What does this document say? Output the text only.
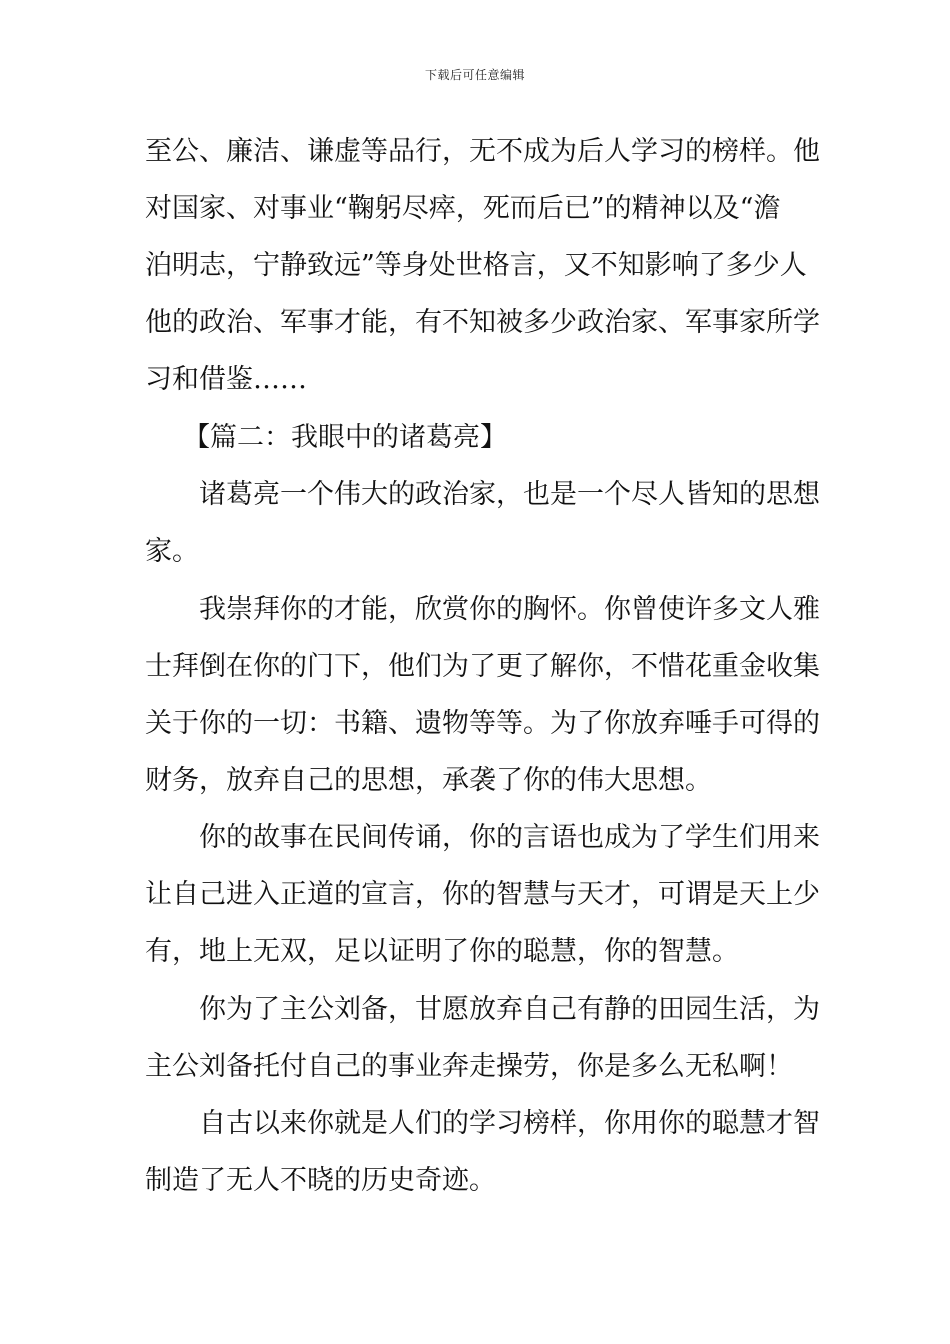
下载后可任意编辑
至公、廉洁、谦虚等品行，无不成为后人学习的榜样。他
对国家、对事业“鞠躬尽瘁，死而后已”的精神以及“澹
泊明志，宁静致远”等身处世格言，又不知影响了多少人
他的政治、军事才能，有不知被多少政治家、军事家所学
习和借鉴……
【篇二：我眼中的诸葛亮】
诸葛亮一个伟大的政治家，也是一个尽人皆知的思想
家。
我崇拜你的才能，欣赏你的胸怀。你曾使许多文人雅
士拜倒在你的门下，他们为了更了解你，不惜花重金收集
关于你的一切：书籍、遗物等等。为了你放弃唾手可得的
财务，放弃自己的思想，承袭了你的伟大思想。
你的故事在民间传诵，你的言语也成为了学生们用来
让自己进入正道的宣言，你的智慧与天才，可谓是天上少
有，地上无双，足以证明了你的聪慧，你的智慧。
你为了主公刘备，甘愿放弃自己有静的田园生活，为
主公刘备托付自己的事业奔走操劳，你是多么无私啊！
自古以来你就是人们的学习榜样，你用你的聪慧才智
制造了无人不晓的历史奇迹。
